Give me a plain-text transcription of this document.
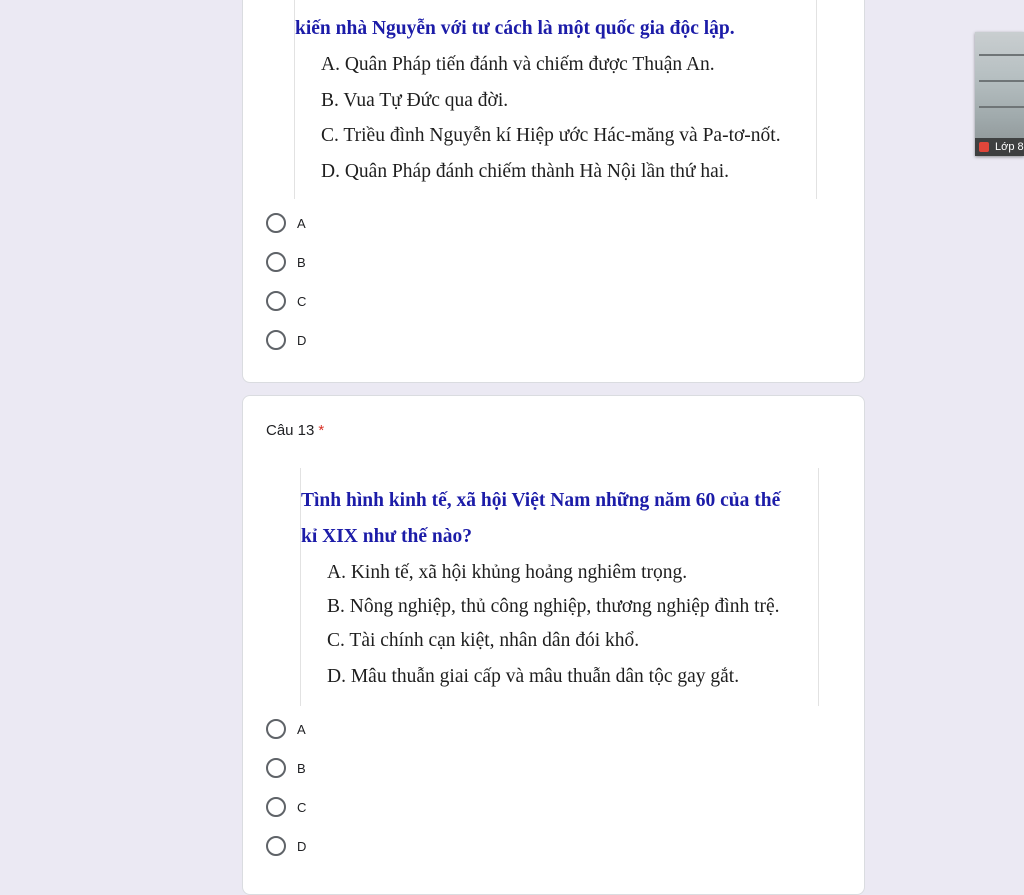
kiến nhà Nguyễn với tư cách là một quốc gia độc lập.
A. Quân Pháp tiến đánh và chiếm được Thuận An.
B. Vua Tự Đức qua đời.
C. Triều đình Nguyễn kí Hiệp ước Hác-măng và Pa-tơ-nốt.
D. Quân Pháp đánh chiếm thành Hà Nội lần thứ hai.
A
B
C
D
Câu 13 *
Tình hình kinh tế, xã hội Việt Nam những năm 60 của thế
kỉ XIX như thế nào?
A. Kinh tế, xã hội khủng hoảng nghiêm trọng.
B. Nông nghiệp, thủ công nghiệp, thương nghiệp đình trệ.
C. Tài chính cạn kiệt, nhân dân đói khổ.
D. Mâu thuẫn giai cấp và mâu thuẫn dân tộc gay gắt.
A
B
C
D
Lớp 8
